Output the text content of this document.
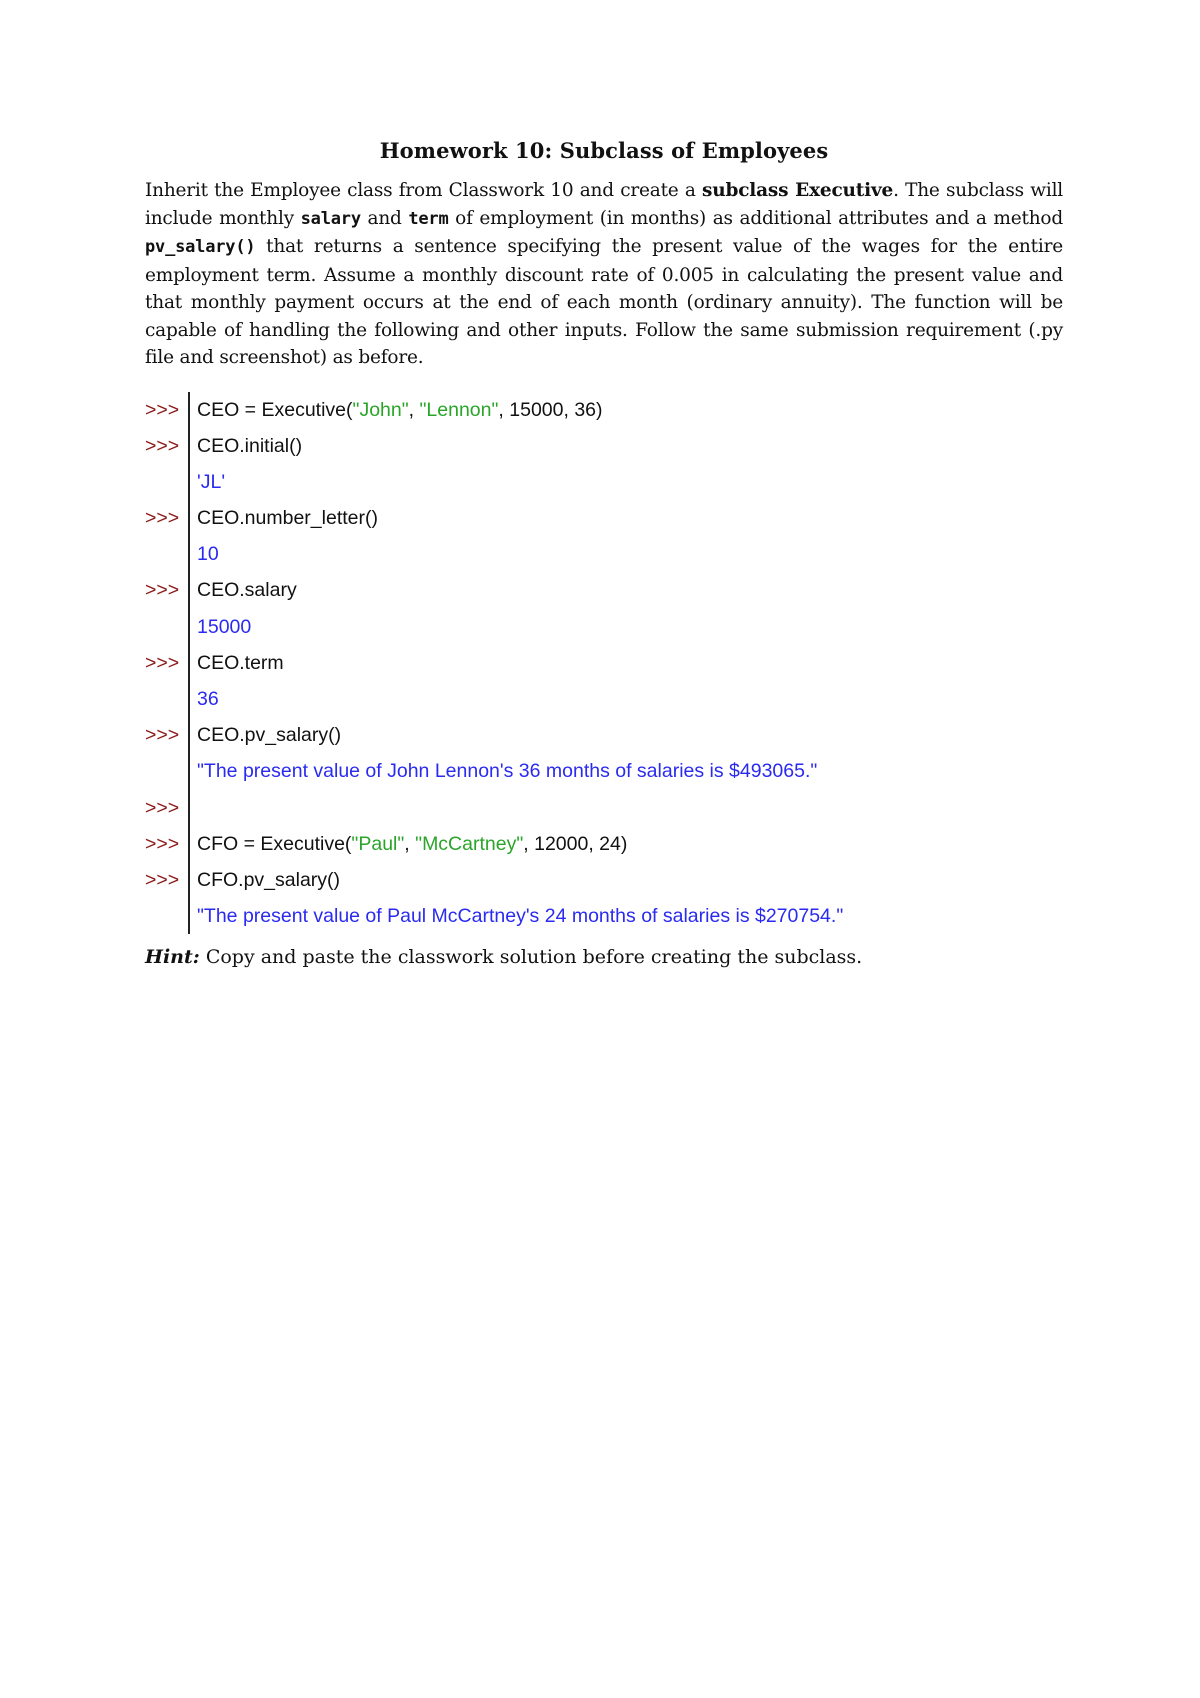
Homework 10: Subclass of Employees

Inherit the Employee class from Classwork 10 and create a subclass Executive. The subclass will include monthly salary and term of employment (in months) as additional attributes and a method pv_salary() that returns a sentence specifying the present value of the wages for the entire employment term. Assume a monthly discount rate of 0.005 in calculating the present value and that monthly payment occurs at the end of each month (ordinary annuity). The function will be capable of handling the following and other inputs. Follow the same submission requirement (.py file and screenshot) as before.

>>> CEO = Executive("John", "Lennon", 15000, 36)
>>> CEO.initial()
'JL'
>>> CEO.number_letter()
10
>>> CEO.salary
15000
>>> CEO.term
36
>>> CEO.pv_salary()
"The present value of John Lennon's 36 months of salaries is $493065."
>>>
>>> CFO = Executive("Paul", "McCartney", 12000, 24)
>>> CFO.pv_salary()
"The present value of Paul McCartney's 24 months of salaries is $270754."

Hint: Copy and paste the classwork solution before creating the subclass.
